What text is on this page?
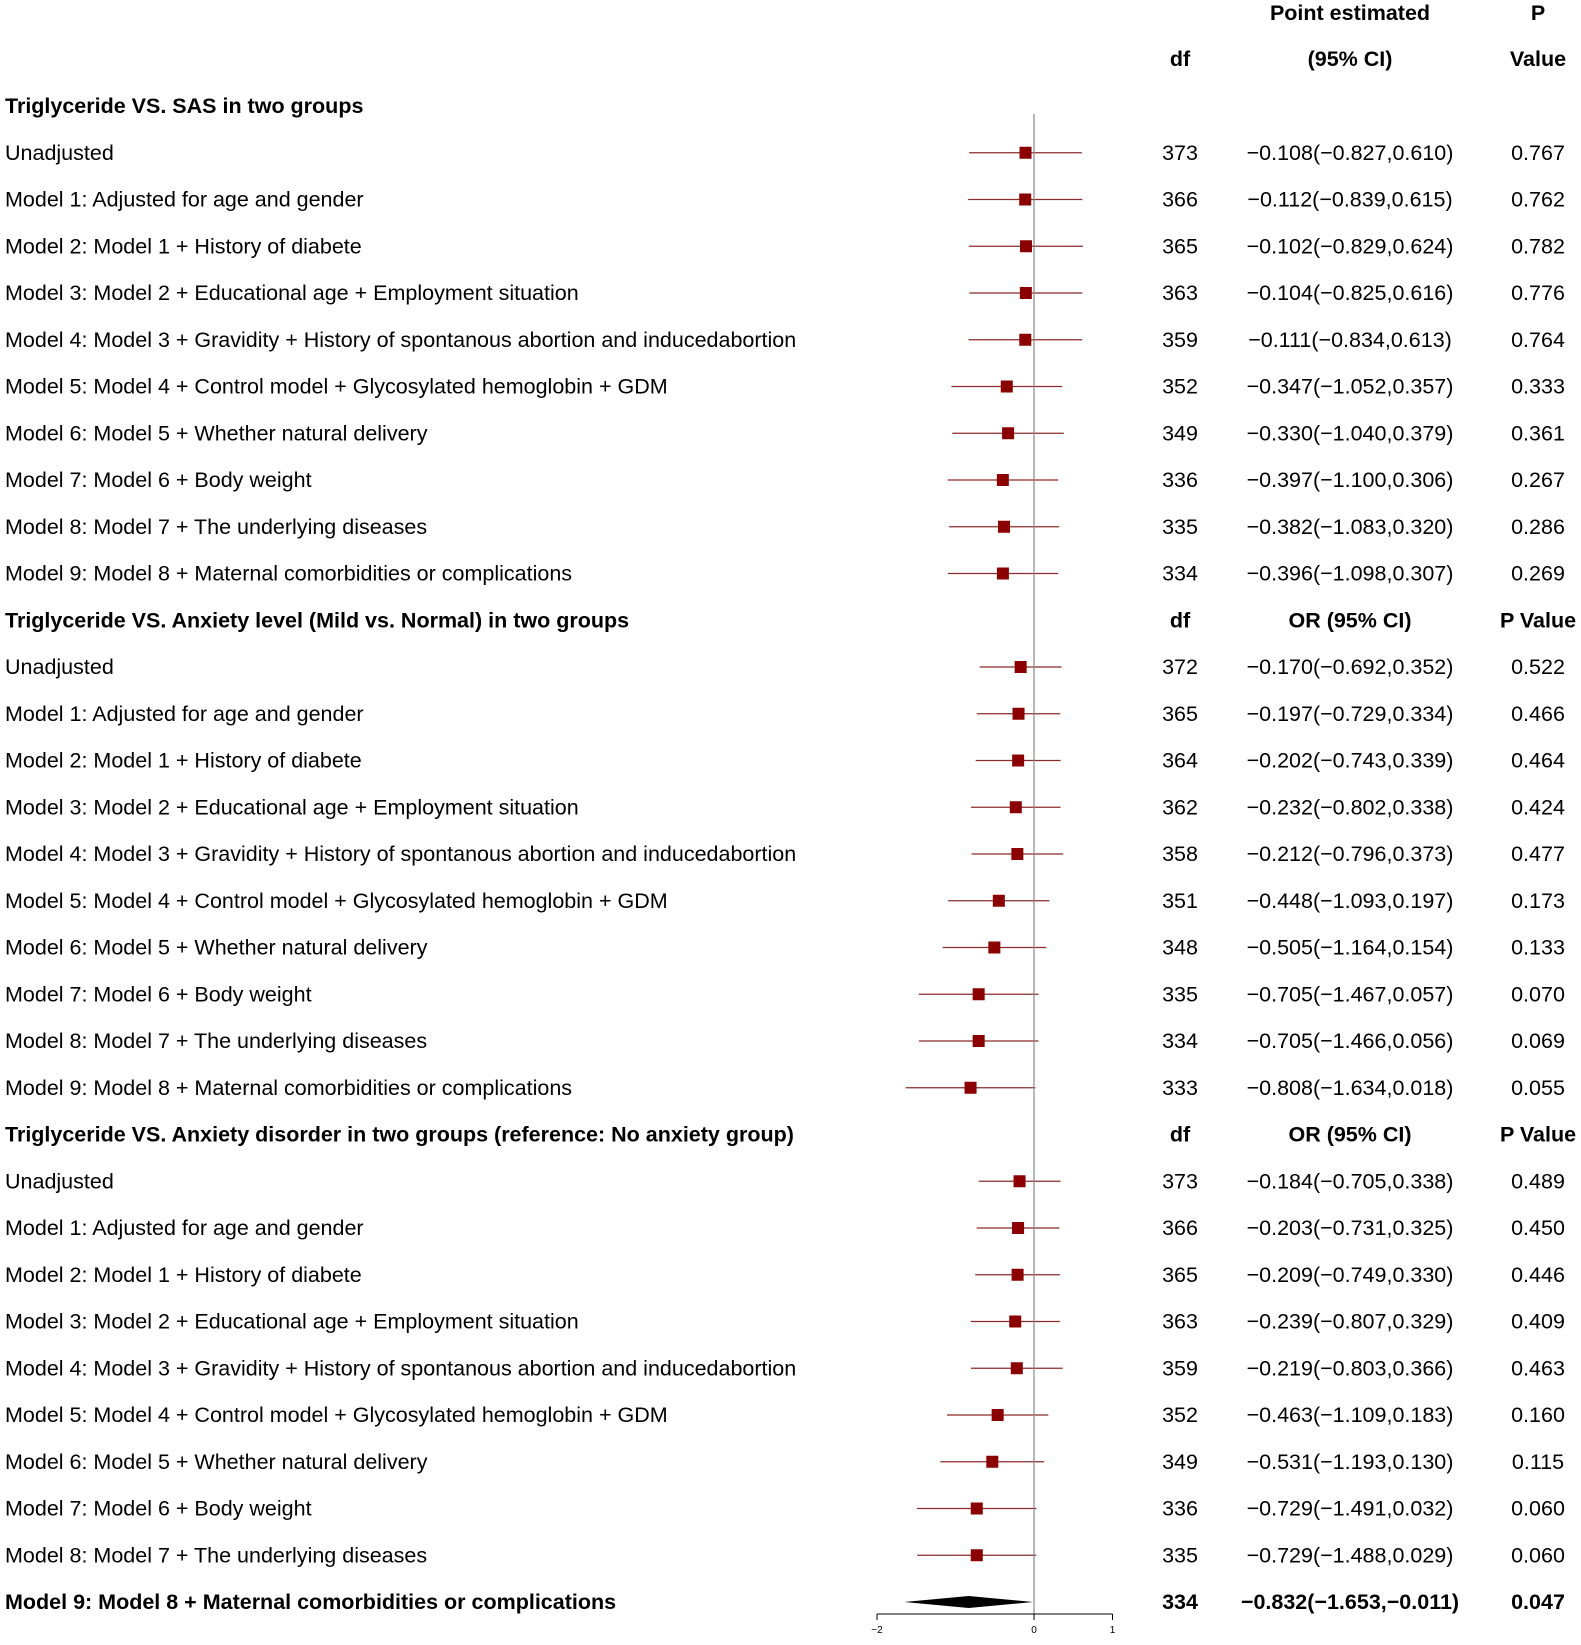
Point estimated	P
df	(95% CI)	Value
Triglyceride VS. SAS in two groups
Unadjusted	373 −0.108(−0.827,0.610)	0.767
Model 1: Adjusted for age and gender	366 −0.112(−0.839,0.615)	0.762
Model 2: Model 1 + History of diabete	365 −0.102(−0.829,0.624)	0.782
Model 3: Model 2 + Educational age + Employment situation	363 −0.104(−0.825,0.616)	0.776
Model 4: Model 3 + Gravidity + History of spontanous abortion and inducedabortion	359 −0.111(−0.834,0.613)	0.764
Model 5: Model 4 + Control model + Glycosylated hemoglobin + GDM	352 −0.347(−1.052,0.357)	0.333
Model 6: Model 5 + Whether natural delivery	349 −0.330(−1.040,0.379)	0.361
Model 7: Model 6 + Body weight	336 −0.397(−1.100,0.306)	0.267
Model 8: Model 7 + The underlying diseases	335 −0.382(−1.083,0.320)	0.286
Model 9: Model 8 + Maternal comorbidities or complications	334 −0.396(−1.098,0.307)	0.269
Triglyceride VS. Anxiety level (Mild vs. Normal) in two groups	df	OR (95% CI)	P Value
Unadjusted	372 −0.170(−0.692,0.352)	0.522
Model 1: Adjusted for age and gender	365 −0.197(−0.729,0.334)	0.466
Model 2: Model 1 + History of diabete	364 −0.202(−0.743,0.339)	0.464
Model 3: Model 2 + Educational age + Employment situation	362 −0.232(−0.802,0.338)	0.424
Model 4: Model 3 + Gravidity + History of spontanous abortion and inducedabortion	358 −0.212(−0.796,0.373)	0.477
Model 5: Model 4 + Control model + Glycosylated hemoglobin + GDM	351 −0.448(−1.093,0.197)	0.173
Model 6: Model 5 + Whether natural delivery	348 −0.505(−1.164,0.154)	0.133
Model 7: Model 6 + Body weight	335 −0.705(−1.467,0.057)	0.070
Model 8: Model 7 + The underlying diseases	334 −0.705(−1.466,0.056)	0.069
Model 9: Model 8 + Maternal comorbidities or complications	333 −0.808(−1.634,0.018)	0.055
Triglyceride VS. Anxiety disorder in two groups (reference: No anxiety group)	df	OR (95% CI)	P Value
Unadjusted	373 −0.184(−0.705,0.338)	0.489
Model 1: Adjusted for age and gender	366 −0.203(−0.731,0.325)	0.450
Model 2: Model 1 + History of diabete	365 −0.209(−0.749,0.330)	0.446
Model 3: Model 2 + Educational age + Employment situation	363 −0.239(−0.807,0.329)	0.409
Model 4: Model 3 + Gravidity + History of spontanous abortion and inducedabortion	359 −0.219(−0.803,0.366)	0.463
Model 5: Model 4 + Control model + Glycosylated hemoglobin + GDM	352 −0.463(−1.109,0.183)	0.160
Model 6: Model 5 + Whether natural delivery	349 −0.531(−1.193,0.130)	0.115
Model 7: Model 6 + Body weight	336 −0.729(−1.491,0.032)	0.060
Model 8: Model 7 + The underlying diseases	335 −0.729(−1.488,0.029)	0.060
Model 9: Model 8 + Maternal comorbidities or complications	334 −0.832(−1.653,−0.011) 0.047
−2	0	1
